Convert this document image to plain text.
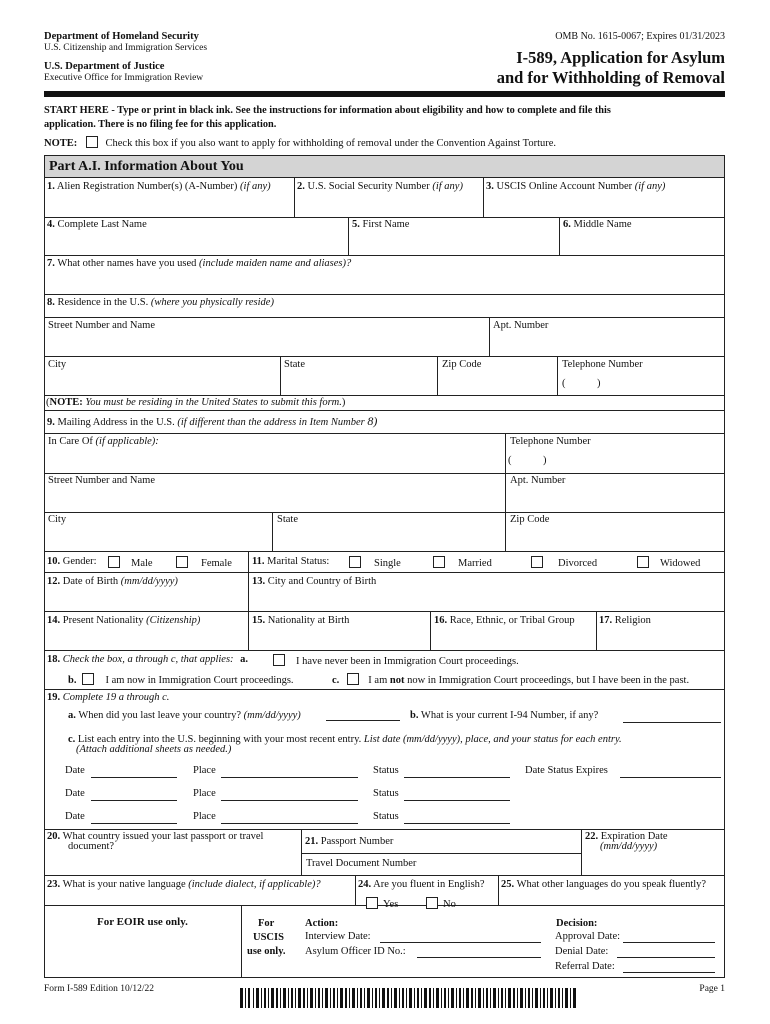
Department of Homeland Security
U.S. Citizenship and Immigration Services
U.S. Department of Justice
Executive Office for Immigration Review
OMB No. 1615-0067; Expires 01/31/2023
I-589, Application for Asylum
and for Withholding of Removal
START HERE - Type or print in black ink. See the instructions for information about eligibility and how to complete and file this
application. There is no filing fee for this application.
NOTE:	Check this box if you also want to apply for withholding of removal under the Convention Against Torture.
Part A.I. Information About You
1. Alien Registration Number(s) (A-Number) (if any)	2. U.S. Social Security Number (if any) 3. USCIS Online Account Number (if any)
4. Complete Last Name	5. First Name	6. Middle Name
7. What other names have you used (include maiden name and aliases)?
8. Residence in the U.S. (where you physically reside)
Street Number and Name	Apt. Number
City	State	Zip Code	Telephone Number
(            )
(NOTE: You must be residing in the United States to submit this form.)
9. Mailing Address in the U.S. (if different than the address in Item Number 8)
In Care Of (if applicable):	Telephone Number
(            )
Street Number and Name	Apt. Number
City	State	Zip Code
10. Gender:	Male	Female 11. Marital Status:	Single	Married	Divorced	Widowed
12. Date of Birth (mm/dd/yyyy)	13. City and Country of Birth
14. Present Nationality (Citizenship)	15. Nationality at Birth	16. Race, Ethnic, or Tribal Group 17. Religion
18. Check the box, a through c, that applies: a.	I have never been in Immigration Court proceedings.
b.	I am now in Immigration Court proceedings.	c.	I am not now in Immigration Court proceedings, but I have been in the past.
19. Complete 19 a through c.
a. When did you last leave your country? (mm/dd/yyyy)	b. What is your current I-94 Number, if any?
c. List each entry into the U.S. beginning with your most recent entry. List date (mm/dd/yyyy), place, and your status for each entry.
(Attach additional sheets as needed.)
Date	Place	Status	Date Status Expires
Date	Place	Status
Date	Place	Status
20. What country issued your last passport or travel
document?	21. Passport Number
Travel Document Number
22. Expiration Date
(mm/dd/yyyy)
23. What is your native language (include dialect, if applicable)?	24. Are you fluent in English?
Yes	No
25. What other languages do you speak fluently?
For EOIR use only.	For
USCIS
use only.
Action:
Interview Date:
Asylum Officer ID No.:
Decision:
Approval Date:
Denial Date:
Referral Date:
Form I-589 Edition 10/12/22	Page 1
